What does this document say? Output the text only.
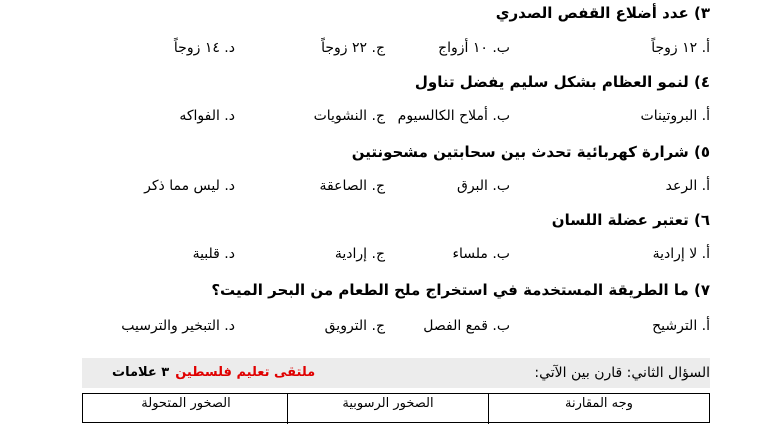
٣) عدد أضلاع القفص الصدري
أ. ١٢ زوجاً
ب. ١٠ أزواج
ج. ٢٢ زوجاً
د. ١٤ زوجاً
٤) لنمو العظام بشكل سليم يفضل تناول
أ. البروتينات
ب. أملاح الكالسيوم
ج. النشويات
د. الفواكه
٥) شرارة كهربائية تحدث بين سحابتين مشحونتين
أ. الرعد
ب. البرق
ج. الصاعقة
د. ليس مما ذكر
٦) تعتبر عضلة اللسان
أ. لا إرادية
ب. ملساء
ج. إرادية
د. قلبية
٧) ما الطريقة المستخدمة في استخراج ملح الطعام من البحر الميت؟
أ. الترشيح
ب. قمع الفصل
ج. الترويق
د. التبخير والترسيب
السؤال الثاني: قارن بين الآتي:
ملتقى تعليم فلسطين٣ علامات
وجه المقارنة
الصخور الرسوبية
الصخور المتحولة
